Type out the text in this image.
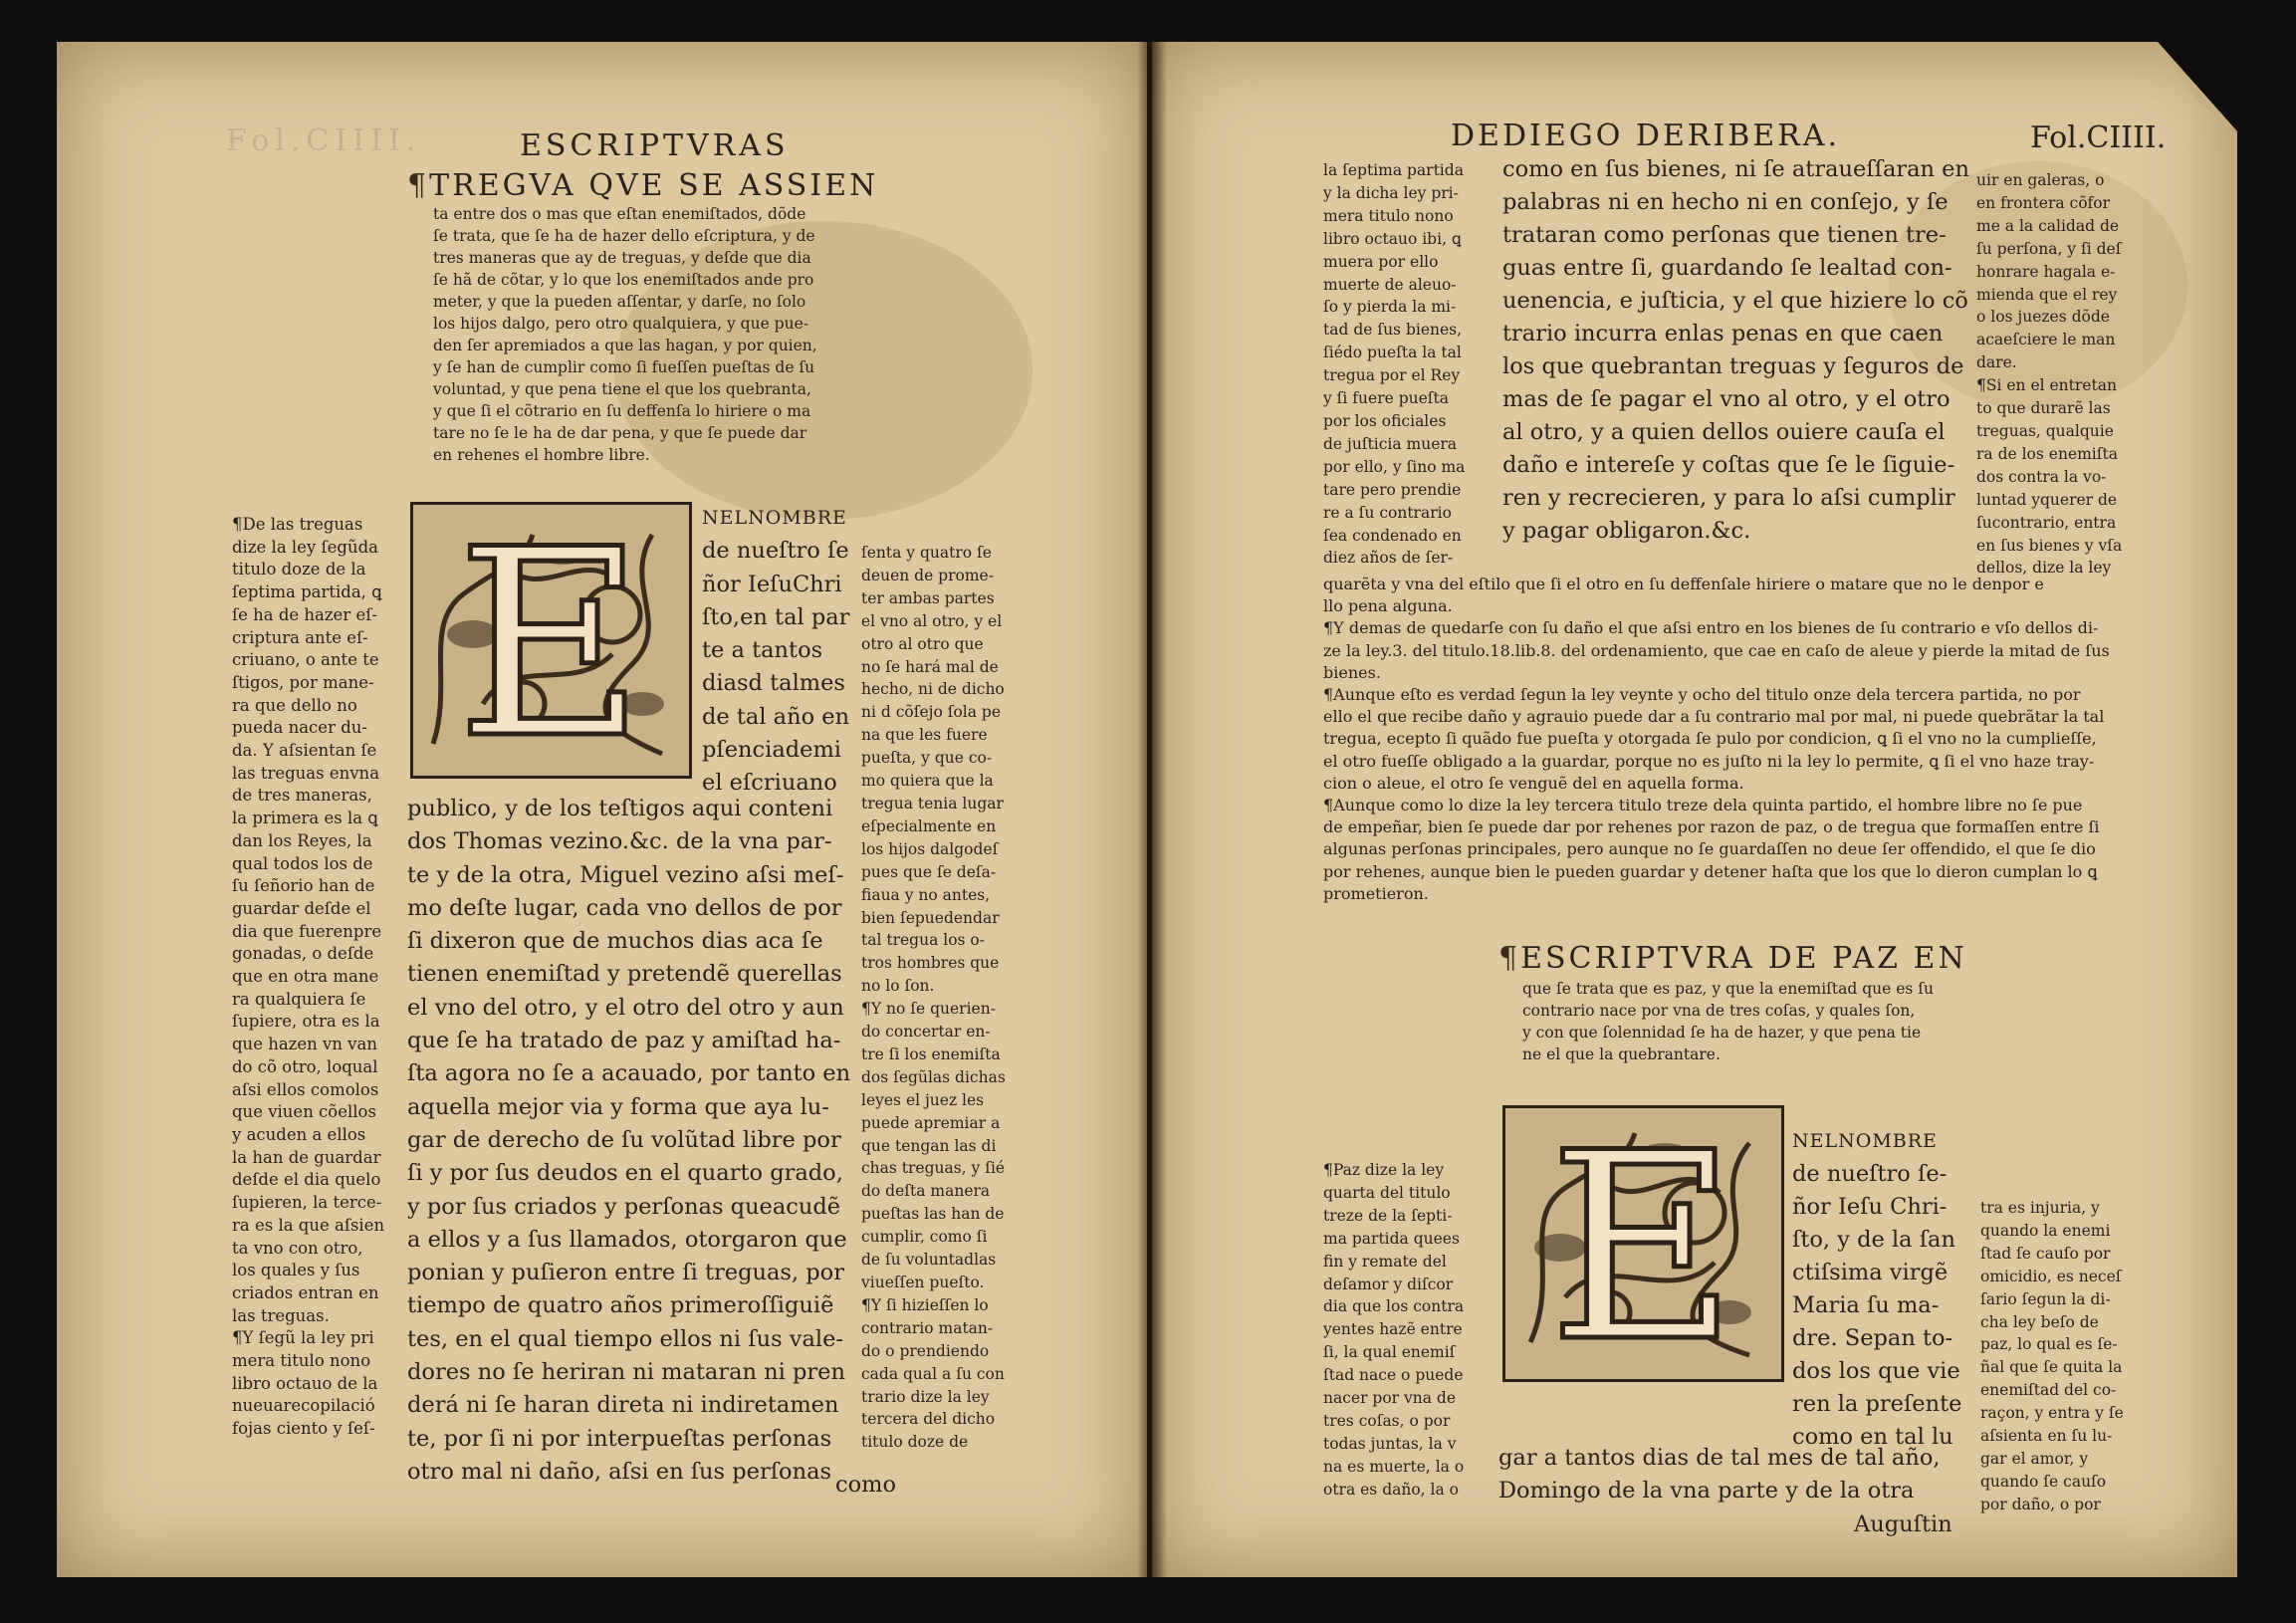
Fol.CIIII.	ESCRIPTVRAS
¶TREGVA QVE SE ASSIEN
ta entre dos o mas que eſtan enemiſtados, dõde
ſe trata, que ſe ha de hazer dello eſcriptura, y de
tres maneras que ay de treguas, y deſde que dia
ſe hã de cõtar, y lo que los enemiſtados ande pro
meter, y que la pueden aſſentar, y darſe, no ſolo
los hijos dalgo, pero otro qualquiera, y que pue-
den ſer apremiados a que las hagan, y por quien,
y ſe han de cumplir como ſi fueſſen pueſtas de ſu
voluntad, y que pena tiene el que los quebranta,
y que ſi el cõtrario en ſu deffenſa lo hiriere o ma
tare no ſe le ha de dar pena, y que ſe puede dar
en rehenes el hombre libre.
E	NELNOMBRE
de nueſtro ſe
ñor IeſuChri
ſto,en tal par
te a tantos
diasd talmes
de tal año en
pſenciademi
el eſcriuano
publico, y de los teſtigos aqui conteni
dos Thomas vezino.&c. de la vna par-
te y de la otra, Miguel vezino aſsi meſ-
mo deſte lugar, cada vno dellos de por
ſi dixeron que de muchos dias aca ſe
tienen enemiſtad y pretendẽ querellas
el vno del otro, y el otro del otro y aun
que ſe ha tratado de paz y amiſtad ha-
ſta agora no ſe a acauado, por tanto en
aquella mejor via y forma que aya lu-
gar de derecho de ſu volũtad libre por
ſi y por ſus deudos en el quarto grado,
y por ſus criados y perſonas queacudẽ
a ellos y a ſus llamados, otorgaron que
ponian y puſieron entre ſi treguas, por
tiempo de quatro años primeroſſiguiẽ
tes, en el qual tiempo ellos ni ſus vale-
dores no ſe heriran ni mataran ni pren
derá ni ſe haran direta ni indiretamen
te, por ſi ni por interpueſtas perſonas
otro mal ni daño, aſsi en ſus perſonas
como
¶De las treguas
dize la ley ſegũda
titulo doze de la
ſeptima partida, ꝗ
ſe ha de hazer eſ-
criptura ante eſ-
criuano, o ante te
ſtigos, por mane-
ra que dello no
pueda nacer du-
da. Y aſsientan ſe
las treguas envna
de tres maneras,
la primera es la ꝗ
dan los Reyes, la
qual todos los de
ſu ſeñorio han de
guardar deſde el
dia que fuerenpre
gonadas, o deſde
que en otra mane
ra qualquiera ſe
ſupiere, otra es la
que hazen vn van
do cõ otro, loqual
aſsi ellos comolos
que viuen cõellos
y acuden a ellos
la han de guardar
deſde el dia quelo
ſupieren, la terce-
ra es la que aſsien
ta vno con otro,
los quales y ſus
criados entran en
las treguas.
¶Y ſegũ la ley pri
mera titulo nono
libro octauo de la
nueuarecopilació
fojas ciento y ſeſ-
ſenta y quatro ſe
deuen de prome-
ter ambas partes
el vno al otro, y el
otro al otro que
no ſe hará mal de
hecho, ni de dicho
ni d cõſejo ſola pe
na que les fuere
pueſta, y que co-
mo quiera que la
tregua tenia lugar
eſpecialmente en
los hijos dalgodeſ
pues que ſe deſa-
fiaua y no antes,
bien ſepuedendar
tal tregua los o-
tros hombres que
no lo ſon.
¶Y no ſe querien-
do concertar en-
tre ſi los enemiſta
dos ſegũlas dichas
leyes el juez les
puede apremiar a
que tengan las di
chas treguas, y ſié
do deſta manera
pueſtas las han de
cumplir, como ſi
de ſu voluntadlas
viueſſen pueſto.
¶Y ſi hizieſſen lo
contrario matan-
do o prendiendo
cada qual a ſu con
trario dize la ley
tercera del dicho
titulo doze de
DEDIEGO DERIBERA.	Fol.CIIII.
la ſeptima partida
y la dicha ley pri-
mera titulo nono
libro octauo ibi, ꝗ
muera por ello
muerte de aleuo-
ſo y pierda la mi-
tad de ſus bienes,
ſiédo pueſta la tal
tregua por el Rey
y ſi fuere pueſta
por los oficiales
de juſticia muera
por ello, y ſino ma
tare pero prendie
re a ſu contrario
ſea condenado en
diez años de ſer-
como en ſus bienes, ni ſe atraueſſaran en
palabras ni en hecho ni en conſejo, y ſe
trataran como perſonas que tienen tre-
guas entre ſi, guardando ſe lealtad con-
uenencia, e juſticia, y el que hiziere lo cõ
trario incurra enlas penas en que caen
los que quebrantan treguas y ſeguros de
mas de ſe pagar el vno al otro, y el otro
al otro, y a quien dellos ouiere cauſa el
daño e intereſe y coſtas que ſe le ſiguie-
ren y recrecieren, y para lo aſsi cumplir
y pagar obligaron.&c.
uir en galeras, o
en frontera cõfor
me a la calidad de
ſu perſona, y ſi deſ
honrare hagala e-
mienda que el rey
o los juezes dõde
acaeſciere le man
dare.
¶Si en el entretan
to que durarẽ las
treguas, qualquie
ra de los enemiſta
dos contra la vo-
luntad yquerer de
ſucontrario, entra
en ſus bienes y vſa
dellos, dize la ley
quarẽta y vna del eſtilo que ſi el otro en ſu deffenſale hiriere o matare que no le denpor e
llo pena alguna.
¶Y demas de quedarſe con ſu daño el que aſsi entro en los bienes de ſu contrario e vſo dellos di-
ze la ley.3. del titulo.18.lib.8. del ordenamiento, que cae en caſo de aleue y pierde la mitad de ſus
bienes.
¶Aunque eſto es verdad ſegun la ley veynte y ocho del titulo onze dela tercera partida, no por
ello el que recibe daño y agrauio puede dar a ſu contrario mal por mal, ni puede quebrãtar la tal
tregua, ecepto ſi quãdo fue pueſta y otorgada ſe pulo por condicion, ꝗ ſi el vno no la cumplieſſe,
el otro fueſſe obligado a la guardar, porque no es juſto ni la ley lo permite, ꝗ ſi el vno haze tray-
cion o aleue, el otro ſe venguẽ del en aquella forma.
¶Aunque como lo dize la ley tercera titulo treze dela quinta partido, el hombre libre no ſe pue
de empeñar, bien ſe puede dar por rehenes por razon de paz, o de tregua que formaſſen entre ſi
algunas perſonas principales, pero aunque no ſe guardaſſen no deue ſer offendido, el que ſe dio
por rehenes, aunque bien le pueden guardar y detener haſta que los que lo dieron cumplan lo ꝗ
prometieron.
¶ESCRIPTVRA DE PAZ EN
que ſe trata que es paz, y que la enemiſtad que es ſu
contrario nace por vna de tres coſas, y quales ſon,
y con que ſolennidad ſe ha de hazer, y que pena tie
ne el que la quebrantare.
E	NELNOMBRE
de nueſtro ſe-
ñor Ieſu Chri-
ſto, y de la ſan
ctiſsima virgẽ
Maria ſu ma-
dre. Sepan to-
dos los que vie
ren la preſente
como en tal lu
gar a tantos dias de tal mes de tal año,
Domingo de la vna parte y de la otra
Auguſtin
¶Paz dize la ley
quarta del titulo
treze de la ſepti-
ma partida quees
fin y remate del
deſamor y diſcor
dia que los contra
yentes hazẽ entre
ſi, la qual enemiſ
ſtad nace o puede
nacer por vna de
tres coſas, o por
todas juntas, la v
na es muerte, la o
otra es daño, la o
tra es injuria, y
quando la enemi
ſtad ſe cauſo por
omicidio, es neceſ
ſario ſegun la di-
cha ley beſo de
paz, lo qual es ſe-
ñal que ſe quita la
enemiſtad del co-
raçon, y entra y ſe
aſsienta en ſu lu-
gar el amor, y
quando ſe cauſo
por daño, o por
